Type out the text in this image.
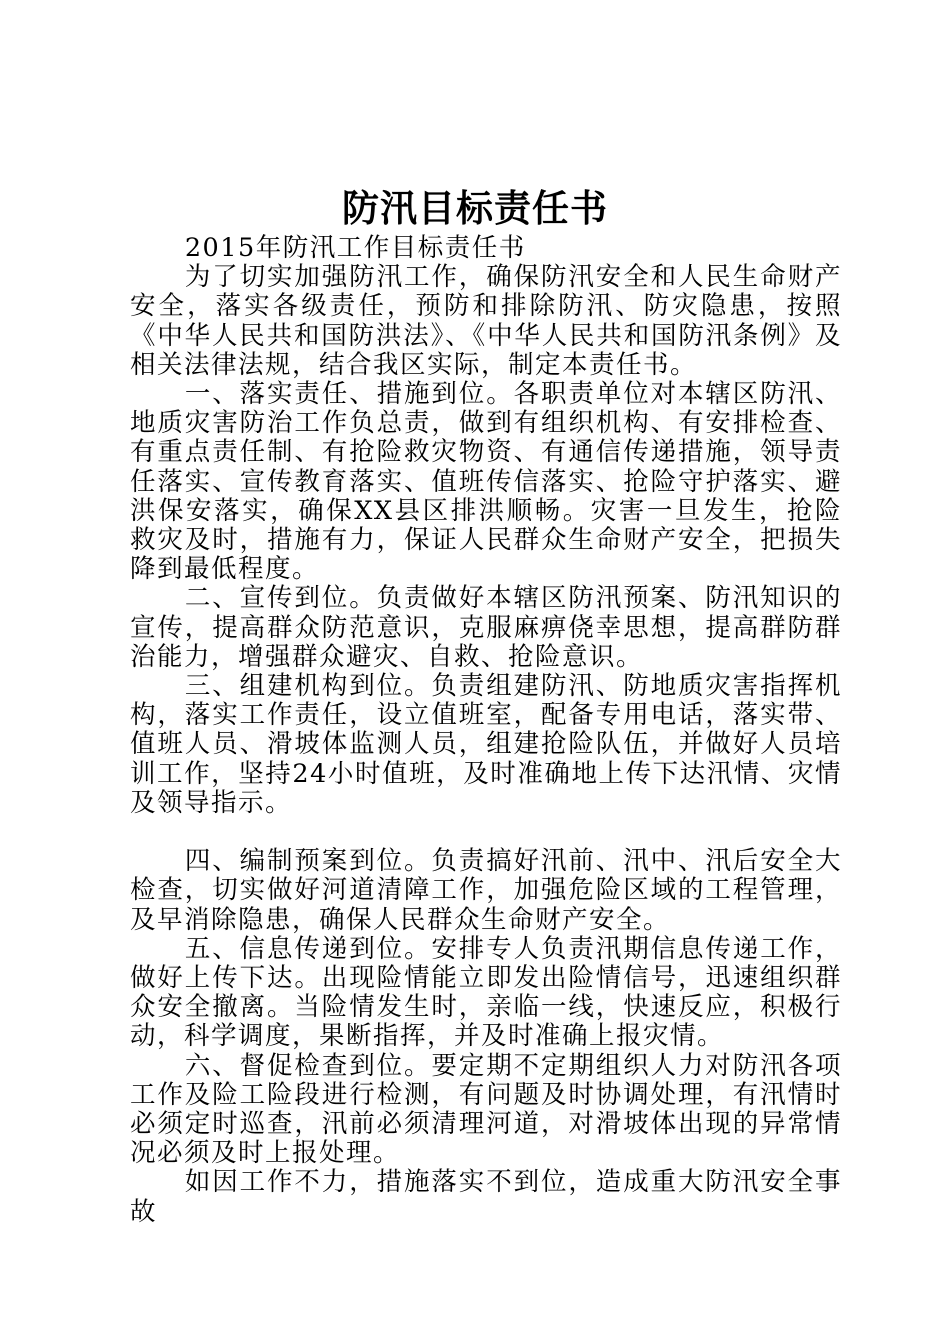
防汛目标责任书

2015年防汛工作目标责任书

为了切实加强防汛工作，确保防汛安全和人民生命财产安全，落实各级责任，预防和排除防汛、防灾隐患，按照《中华人民共和国防洪法》、《中华人民共和国防汛条例》及相关法律法规，结合我区实际，制定本责任书。

一、落实责任、措施到位。各职责单位对本辖区防汛、地质灾害防治工作负总责，做到有组织机构、有安排检查、有重点责任制、有抢险救灾物资、有通信传递措施，领导责任落实、宣传教育落实、值班传信落实、抢险守护落实、避洪保安落实，确保XX县区排洪顺畅。灾害一旦发生，抢险救灾及时，措施有力，保证人民群众生命财产安全，把损失降到最低程度。

二、宣传到位。负责做好本辖区防汛预案、防汛知识的宣传，提高群众防范意识，克服麻痹侥幸思想，提高群防群治能力，增强群众避灾、自救、抢险意识。

三、组建机构到位。负责组建防汛、防地质灾害指挥机构，落实工作责任，设立值班室，配备专用电话，落实带、值班人员、滑坡体监测人员，组建抢险队伍，并做好人员培训工作，坚持24小时值班，及时准确地上传下达汛情、灾情及领导指示。

四、编制预案到位。负责搞好汛前、汛中、汛后安全大检查，切实做好河道清障工作，加强危险区域的工程管理，及早消除隐患，确保人民群众生命财产安全。

五、信息传递到位。安排专人负责汛期信息传递工作，做好上传下达。出现险情能立即发出险情信号，迅速组织群众安全撤离。当险情发生时，亲临一线，快速反应，积极行动，科学调度，果断指挥，并及时准确上报灾情。

六、督促检查到位。要定期不定期组织人力对防汛各项工作及险工险段进行检测，有问题及时协调处理，有汛情时必须定时巡查，汛前必须清理河道，对滑坡体出现的异常情况必须及时上报处理。

如因工作不力，措施落实不到位，造成重大防汛安全事故
